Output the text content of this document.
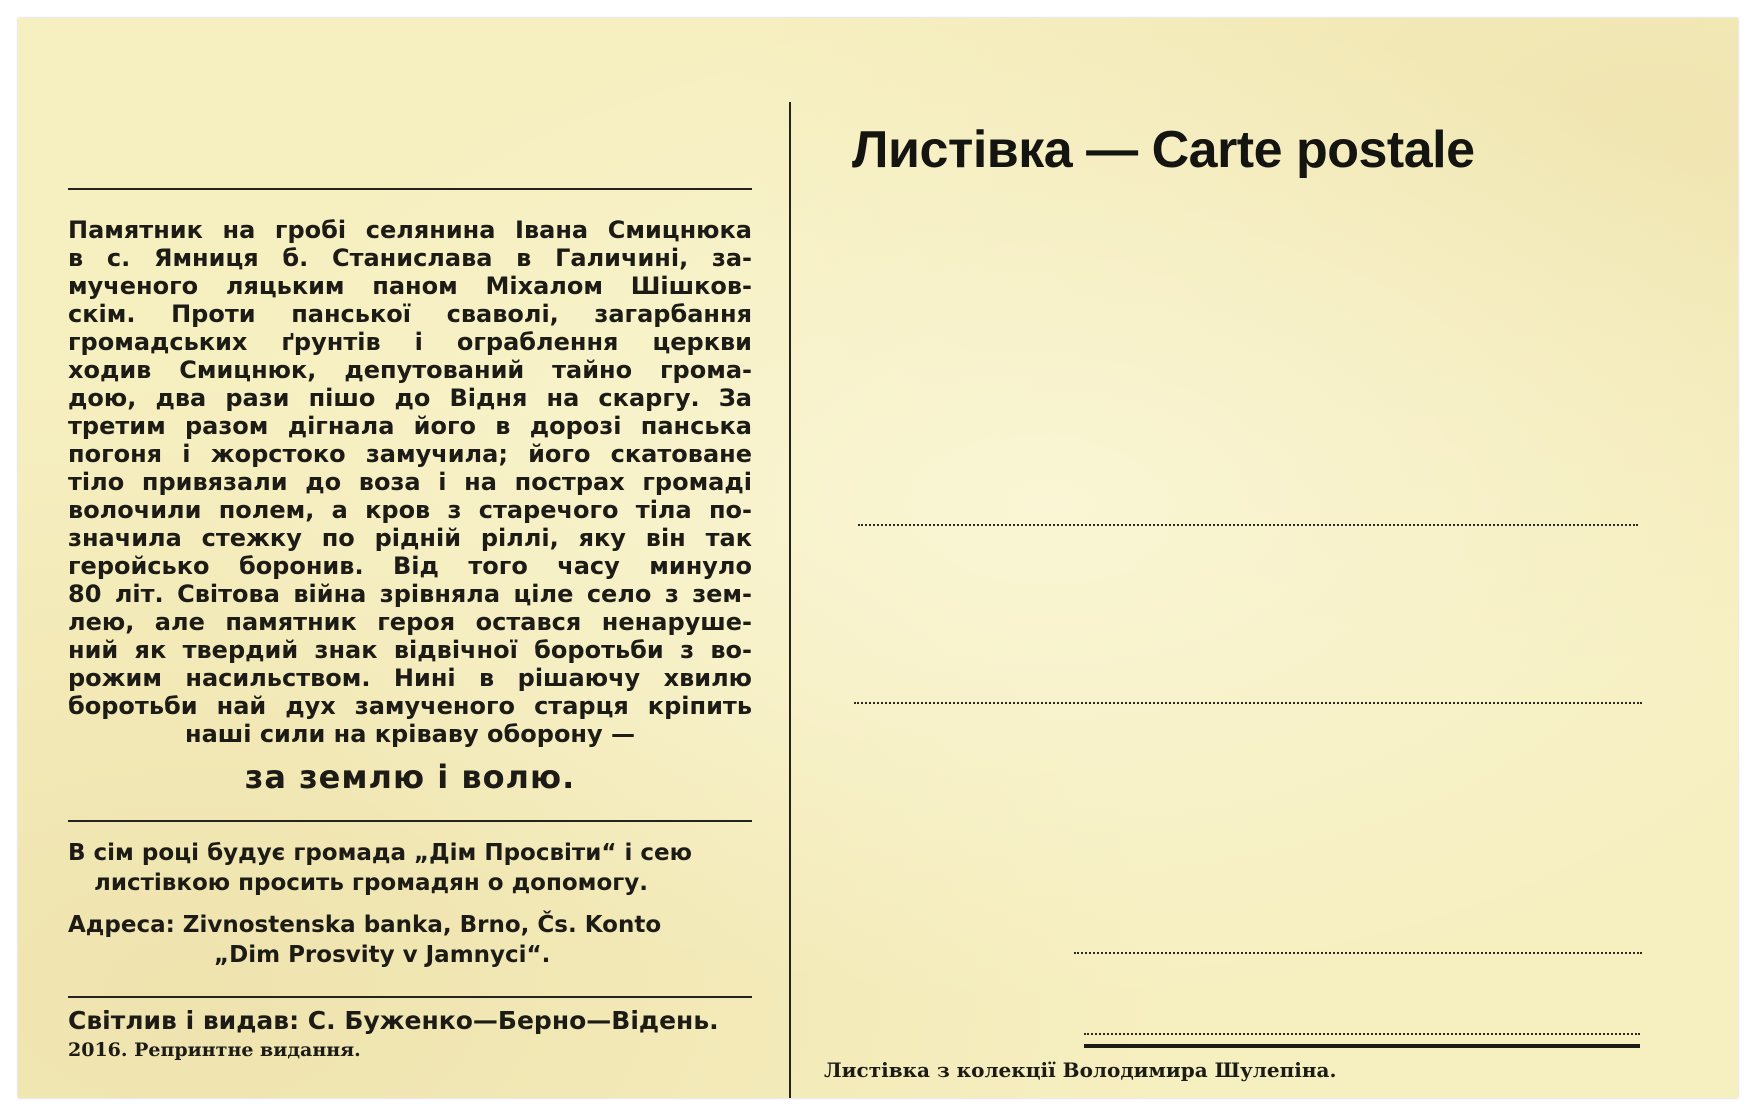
Памятник на гробі селянина Івана Смицнюка
в с. Ямниця б. Станислава в Галичині, за-
мученого ляцьким паном Міхалом Шішков-
скім. Проти панської сваволі, загарбання
громадських ґрунтів і ограблення церкви
ходив Смицнюк, депутований тайно грома-
дою, два рази пішо до Відня на скаргу. За
третим разом дігнала його в дорозі панська
погоня і жорстоко замучила; його скатоване
тіло привязали до воза і на пострах громаді
волочили полем, а кров з старечого тіла по-
значила стежку по рідній ріллі, яку він так
геройсько боронив. Від того часу минуло
80 літ. Світова війна зрівняла ціле село з зем-
лею, але памятник героя остався ненаруше-
ний як твердий знак відвічної боротьби з во-
рожим насильством. Нині в рішаючу хвилю
боротьби най дух замученого старця кріпить
наші сили на кріваву оборону —
за землю і волю.
В сім році будує громада „Дім Просвіти“ і сею
листівкою просить громадян о допомогу.
Адреса: Zivnostenska banka, Brno, Čs. Konto
„Dim Prosvity v Jamnyci“.
Світлив і видав: С. Буженко—Берно—Відень.
2016. Репринтне видання.
Листівка — Carte postale
Листівка з колекції Володимира Шулепіна.
